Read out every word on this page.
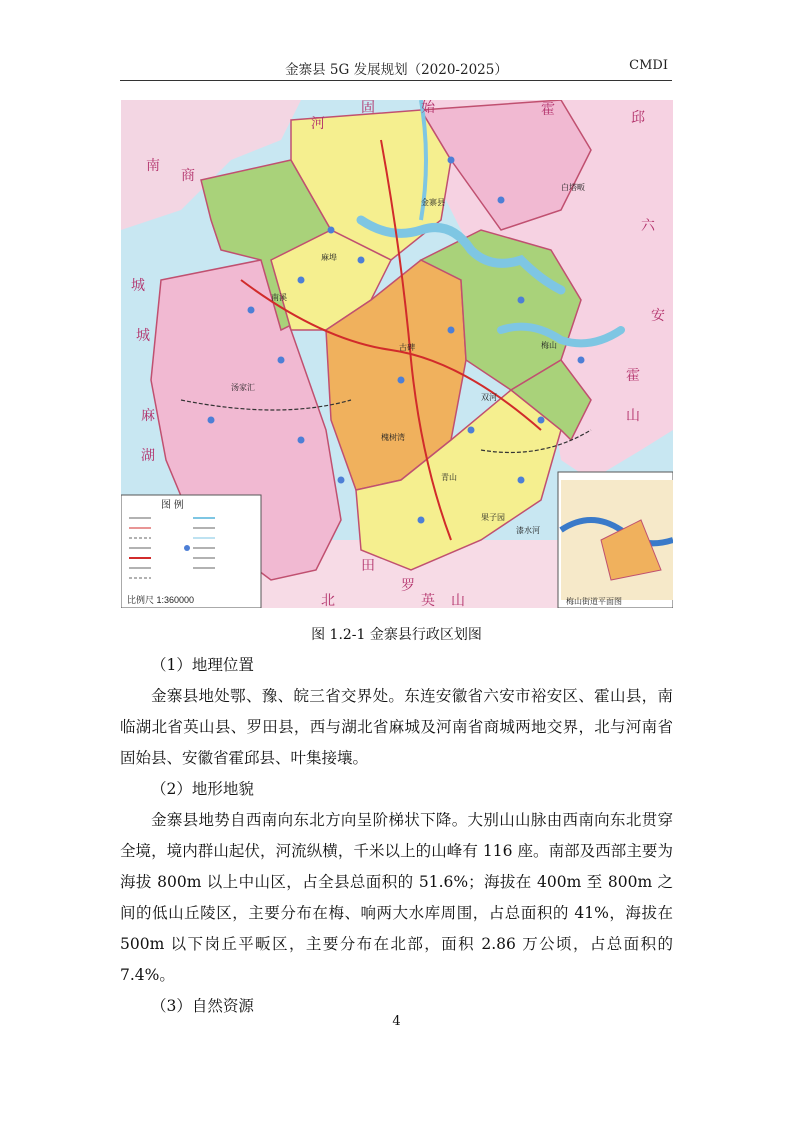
金寨县 5G 发展规划（2020-2025）	CMDI
金寨县
古碑
南溪
麻埠
梅山
汤家汇
青山
果子园
双河
漆水河
白塔畈
槐树湾
河
南
固	始	霍	邱
六
安
霍
山
罗
田
英 山
北
麻
城
湖
商
城
图 例
比例尺 1:360000	梅山街道平面图
图 1.2-1 金寨县行政区划图

（1）地理位置

金寨县地处鄂、豫、皖三省交界处。东连安徽省六安市裕安区、霍山县，南临湖北省英山县、罗田县，西与湖北省麻城及河南省商城两地交界，北与河南省固始县、安徽省霍邱县、叶集接壤。

（2）地形地貌

金寨县地势自西南向东北方向呈阶梯状下降。大别山山脉由西南向东北贯穿全境，境内群山起伏，河流纵横，千米以上的山峰有 116 座。南部及西部主要为海拔 800m 以上中山区，占全县总面积的 51.6%；海拔在 400m 至 800m 之间的低山丘陵区，主要分布在梅、响两大水库周围，占总面积的 41%，海拔在 500m 以下岗丘平畈区，主要分布在北部，面积 2.86 万公顷，占总面积的 7.4%。

（3）自然资源

4
